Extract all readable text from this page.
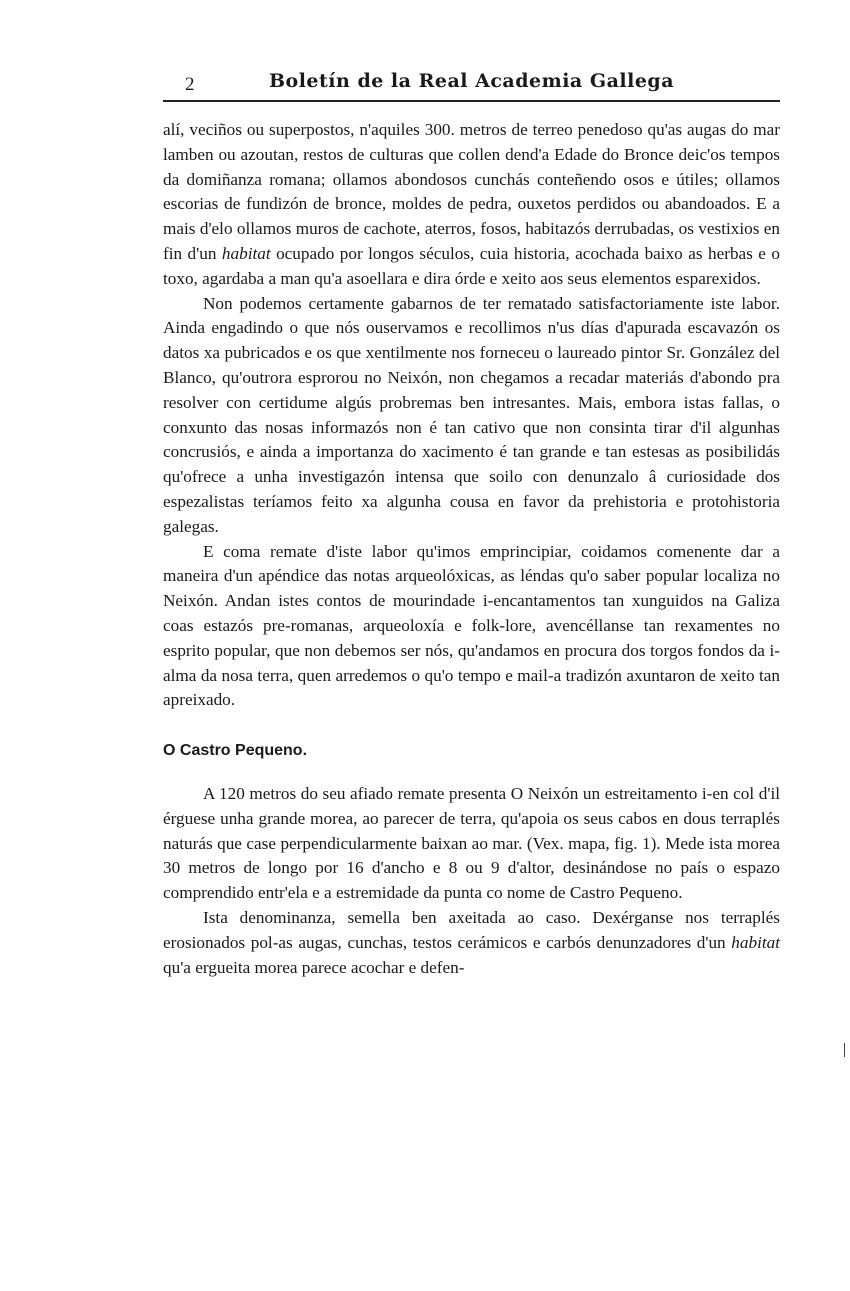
2	Boletín de la Real Academia Gallega

alí, veciños ou superpostos, n'aquiles 300. metros de terreo penedoso qu'as augas do mar lamben ou azoutan, restos de culturas que collen dend'a Edade do Bronce deic'os tempos da domiñanza romana; ollamos abondosos cunchás conteñendo osos e útiles; ollamos escorias de fundizón de bronce, moldes de pedra, ouxetos perdidos ou abandoados. E a mais d'elo ollamos muros de cachote, aterros, fosos, habitazós derrubadas, os vestixios en fin d'un habitat ocupado por longos séculos, cuia historia, acochada baixo as herbas e o toxo, agardaba a man qu'a asoellara e dira órde e xeito aos seus elementos esparexidos.

Non podemos certamente gabarnos de ter rematado satisfactoriamente iste labor. Ainda engadindo o que nós ouservamos e recollimos n'us días d'apurada escavazón os datos xa pubricados e os que xentilmente nos forneceu o laureado pintor Sr. González del Blanco, qu'outrora esprorou no Neixón, non chegamos a recadar materiás d'abondo pra resolver con certidume algús probremas ben intresantes. Mais, embora istas fallas, o conxunto das nosas informazós non é tan cativo que non consinta tirar d'il algunhas concrusiós, e ainda a importanza do xacimento é tan grande e tan estesas as posibilidás qu'ofrece a unha investigazón intensa que soilo con denunzalo â curiosidade dos espezalistas teríamos feito xa algunha cousa en favor da prehistoria e protohistoria galegas.

E coma remate d'iste labor qu'imos emprincipiar, coidamos comenente dar a maneira d'un apéndice das notas arqueolóxicas, as léndas qu'o saber popular localiza no Neixón. Andan istes contos de mourindade i-encantamentos tan xunguidos na Galiza coas estazós pre-romanas, arqueoloxía e folk-lore, avencéllanse tan rexamentes no esprito popular, que non debemos ser nós, qu'andamos en procura dos torgos fondos da i-alma da nosa terra, quen arredemos o qu'o tempo e mail-a tradizón axuntaron de xeito tan apreixado.

O Castro Pequeno.

A 120 metros do seu afiado remate presenta O Neixón un estreitamento i-en col d'il érguese unha grande morea, ao parecer de terra, qu'apoia os seus cabos en dous terraplés naturás que case perpendicularmente baixan ao mar. (Vex. mapa, fig. 1). Mede ista morea 30 metros de longo por 16 d'ancho e 8 ou 9 d'altor, desinándose no país o espazo comprendido entr'ela e a estremidade da punta co nome de Castro Pequeno.

Ista denominanza, semella ben axeitada ao caso. Dexérganse nos terraplés erosionados pol-as augas, cunchas, testos cerámicos e carbós denunzadores d'un habitat qu'a ergueita morea parece acochar e defen-
